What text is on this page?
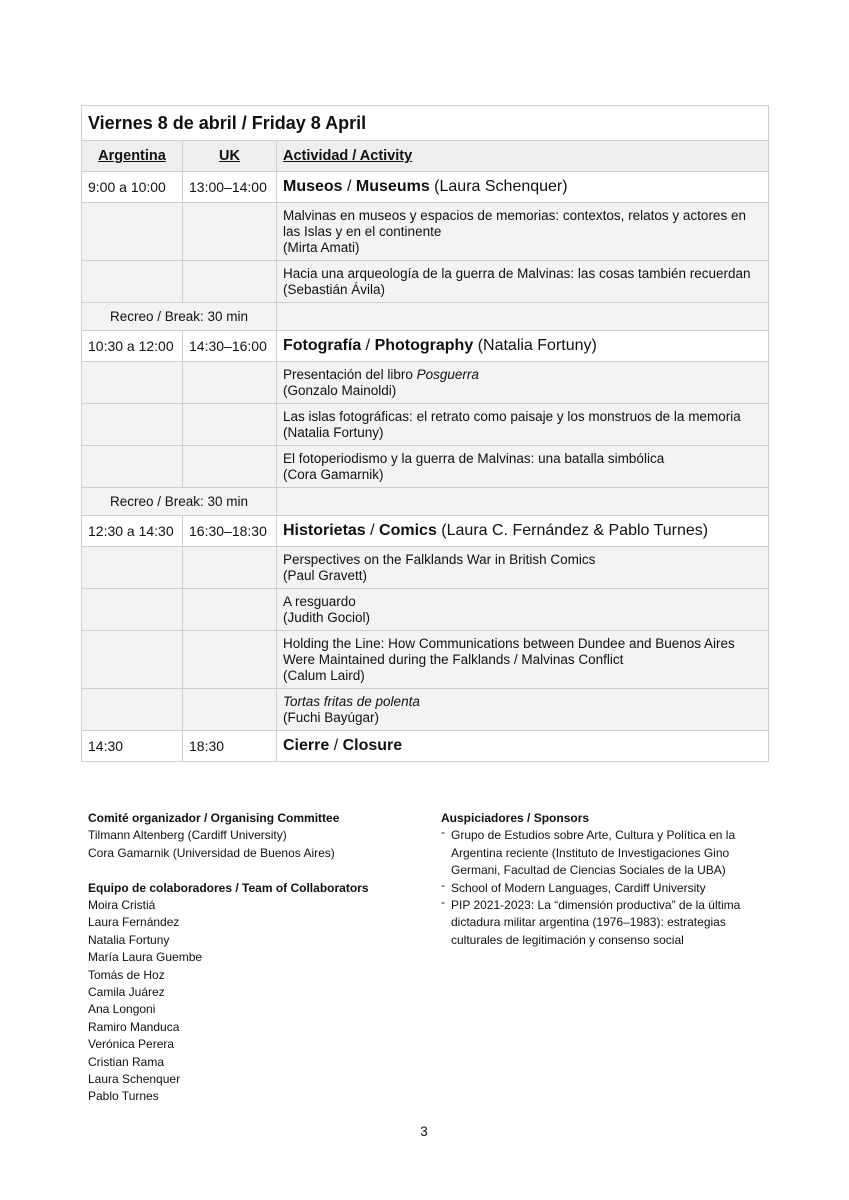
Viernes 8 de abril / Friday 8 April		
Argentina	UK	Actividad / Activity
9:00 a 10:00	13:00–14:00	Museos / Museums (Laura Schenquer)

		Malvinas en museos y espacios de memorias: contextos, relatos y actores en las Islas y en el continente
(Mirta Amati)

		Hacia una arqueología de la guerra de Malvinas: las cosas también recuerdan
(Sebastián Ávila)

Recreo / Break: 30 min		
10:30 a 12:00	14:30–16:00	Fotografía / Photography (Natalia Fortuny)

		Presentación del libro Posguerra
(Gonzalo Mainoldi)

		Las islas fotográficas: el retrato como paisaje y los monstruos de la memoria
(Natalia Fortuny)

		El fotoperiodismo y la guerra de Malvinas: una batalla simbólica
(Cora Gamarnik)

Recreo / Break: 30 min		
12:30 a 14:30	16:30–18:30	Historietas / Comics (Laura C. Fernández & Pablo Turnes)

		Perspectives on the Falklands War in British Comics
(Paul Gravett)

		A resguardo
(Judith Gociol)

		Holding the Line: How Communications between Dundee and Buenos Aires Were Maintained during the Falklands / Malvinas Conflict
(Calum Laird)

		Tortas fritas de polenta
(Fuchi Bayúgar)

14:30	18:30	Cierre / Closure
Comité organizador / Organising Committee
Tilmann Altenberg (Cardiff University)
Cora Gamarnik (Universidad de Buenos Aires)
Equipo de colaboradores / Team of Collaborators
Moira Cristiá
Laura Fernández
Natalia Fortuny
María Laura Guembe
Tomás de Hoz
Camila Juárez
Ana Longoni
Ramiro Manduca
Verónica Perera
Cristian Rama
Laura Schenquer
Pablo Turnes
Auspiciadores / Sponsors
- Grupo de Estudios sobre Arte, Cultura y Política en la Argentina reciente (Instituto de Investigaciones Gino Germani, Facultad de Ciencias Sociales de la UBA)
- School of Modern Languages, Cardiff University
- PIP 2021-2023: La “dimensión productiva” de la última dictadura militar argentina (1976–1983): estrategias culturales de legitimación y consenso social
3
